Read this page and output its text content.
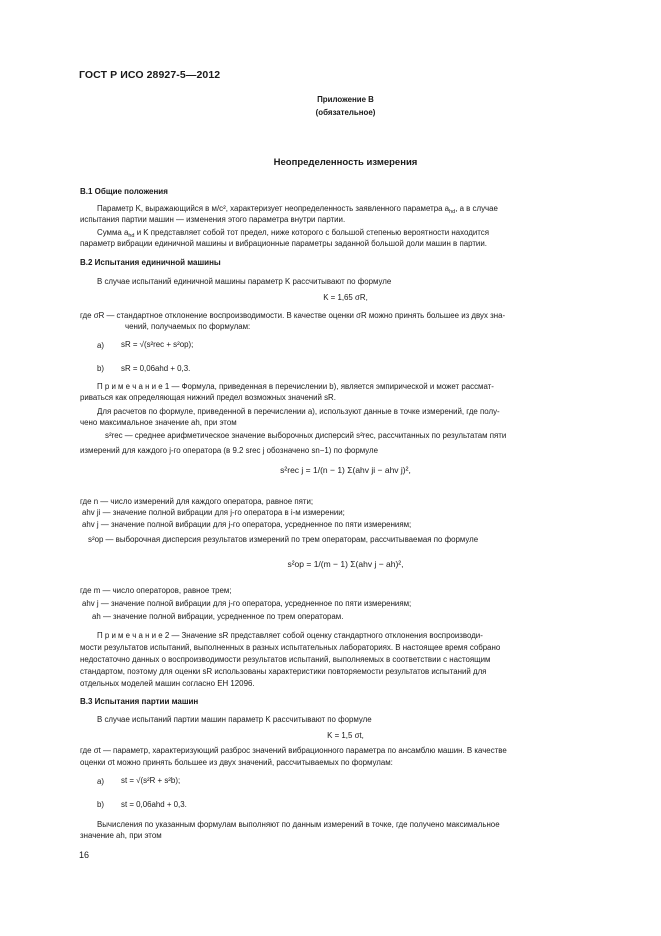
ГОСТ Р ИСО 28927-5—2012
Приложение В
(обязательное)
Неопределенность измерения
В.1 Общие положения
Параметр K, выражающийся в м/с², характеризует неопределенность заявленного параметра $a_{hd}$, а в случае
испытания партии машин — изменения этого параметра внутри партии.
Сумма $a_{hd}$ и K представляет собой тот предел, ниже которого с большой степенью вероятности находится
параметр вибрации единичной машины и вибрационные параметры заданной большой доли машин в партии.
В.2 Испытания единичной машины
В случае испытаний единичной машины параметр K рассчитывают по формуле
K = 1,65 σR,
где σR — стандартное отклонение воспроизводимости. В качестве оценки σR можно принять большее из двух зна-
чений, получаемых по формулам:
а) sR = √(s²rec + s²op);
b) sR = 0,06ahd + 0,3.
П р и м е ч а н и е 1 — Формула, приведенная в перечислении b), является эмпирической и может рассмат-
риваться как определяющая нижний предел возможных значений sR.
Для расчетов по формуле, приведенной в перечислении а), используют данные в точке измерений, где полу-
чено максимальное значение ah, при этом
s²rec — среднее арифметическое значение выборочных дисперсий s²rec, рассчитанных по результатам пяти
измерений для каждого j-го оператора (в 9.2 srec j обозначено sn−1) по формуле
s²rec j = 1/(n − 1) Σ(ahv ji − ahv j)²,
где n — число измерений для каждого оператора, равное пяти;
ahv ji — значение полной вибрации для j-го оператора в i-м измерении;
ahv j — значение полной вибрации для j-го оператора, усредненное по пяти измерениям;
s²op — выборочная дисперсия результатов измерений по трем операторам, рассчитываемая по формуле
s²op = 1/(m − 1) Σ(ahv j − ah)²,
где m — число операторов, равное трем;
ahv j — значение полной вибрации для j-го оператора, усредненное по пяти измерениям;
ah — значение полной вибрации, усредненное по трем операторам.
П р и м е ч а н и е 2 — Значение sR представляет собой оценку стандартного отклонения воспроизводи-
мости результатов испытаний, выполненных в разных испытательных лабораториях. В настоящее время собрано
недостаточно данных о воспроизводимости результатов испытаний, выполняемых в соответствии с настоящим
стандартом, поэтому для оценки sR использованы характеристики повторяемости результатов испытаний для
отдельных моделей машин согласно ЕН 12096.
В.3 Испытания партии машин
В случае испытаний партии машин параметр K рассчитывают по формуле
K = 1,5 σt,
где σt — параметр, характеризующий разброс значений вибрационного параметра по ансамблю машин. В качестве
оценки σt можно принять большее из двух значений, рассчитываемых по формулам:
а) st = √(s²R + s²b);
b) st = 0,06ahd + 0,3.
Вычисления по указанным формулам выполняют по данным измерений в точке, где получено максимальное
значение ah, при этом
16
